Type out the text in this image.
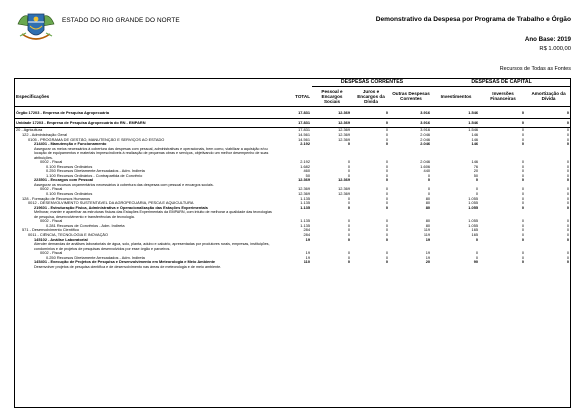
ESTADO DO RIO GRANDE DO NORTE	Demonstrativo da Despesa por Programa de Trabalho e Órgão
Ano Base: 2019
R$ 1.000,00
Recursos de Todas as Fontes
		DESPESAS CORRENTES			DESPESAS DE CAPITAL		
Especificações	TOTAL	Pessoal e Encargos Sociais	Juros e Encargos da Dívida	Outras Despesas Correntes	Investimentos	Inversões Financeiras	Amortização da Dívida

Órgão 17203 - Empresa de Pesquisa Agropecuária	17.831	12.369	0	3.916	1.546	0	0
Unidade 17203 - Empresa de Pesquisa Agropecuária do RN - EMPARN	17.831	12.369	0	3.916	1.546	0	0
20 - Agricultura	17.831	12.369	0	3.916	1.546	0	0
122 - Administração Geral	14.561	12.369	0	2.046	146	0	0
0105 - PROGRAMA DE GESTÃO, MANUTENÇÃO E SERVIÇOS AO ESTADO	14.561	12.369	0	2.046	146	0	0
214401 - Manutenção e Funcionamento	2.192	0	0	2.046	146	0	0
Assegurar os meios necessários à cobertura das despesas com pessoal, administrativas e operacionais, bem como, viabilizar a aquisição e/ou locação de equipamentos e materiais imprescindíveis à realização de pequenas obras e serviços, objetivando um melhor desempenho de suas atribuições.							
0002 - Fiscal	2.192	0	0	2.046	146	0	0
0.100 Recursos Ordinários	1.682	0	0	1.606	76	0	0
0.250 Recursos Diretamente Arrecadados - Adm. Indireta	460	0	0	440	20	0	0
1.100 Recursos Ordinários - Contrapartida de Convênio	50	0	0	0	50	0	0
223501 - Encargos com Pessoal	12.369	12.369	0	0	0	0	0
Assegurar os recursos orçamentários necessários à cobertura das despesas com pessoal e encargos sociais.							
0002 - Fiscal	12.369	12.369	0	0	0	0	0
0.100 Recursos Ordinários	12.369	12.369	0	0	0	0	0
128 - Formação de Recursos Humanos	1.135	0	0	80	1.055	0	0
0012 - DESENVOLVIMENTO SUSTENTÁVEL DA AGROPECUÁRIA, PESCA E AQUICULTURA	1.135	0	0	80	1.055	0	0
219601 - Estruturação Física, Administrativa e Operacionalização das Estações Experimentais	1.135	0	0	80	1.055	0	0
Melhorar, manter e aparelhar as estruturas físicas das Estações Experimentais da EMPARN, com intuito de melhorar a qualidade das tecnologias de pesquisa, desenvolvimento e transferências de tecnologia.							
0002 - Fiscal	1.135	0	0	80	1.055	0	0
0.281 Recursos de Convênios - Adm. Indireta	1.135	0	0	80	1.055	0	0
571 - Desenvolvimento Científico	284	0	0	119	165	0	0
0011 - CIÊNCIA, TECNOLOGIA E INOVAÇÃO	284	0	0	119	165	0	0
145102 - Análise Laboratorial	19	0	0	19	0	0	0
Atender demandas de análises laboratoriais de água, solo, planta, adubo e calcário, apresentadas por produtores rurais, empresas, instituições, condomínios e de projetos de pesquisas desenvolvidos por esse órgão e parceiros.							
0002 - Fiscal	19	0	0	19	0	0	0
0.250 Recursos Diretamente Arrecadados - Adm. Indireta	19	0	0	19	0	0	0
145401 - Execução de Projetos de Pesquisa e Desenvolvimento em Meteorologia e Meio Ambiente	110	0	0	20	90	0	0
Desenvolver projetos de pesquisa científica e de desenvolvimento nas áreas de meteorologia e de meio ambiente.							
